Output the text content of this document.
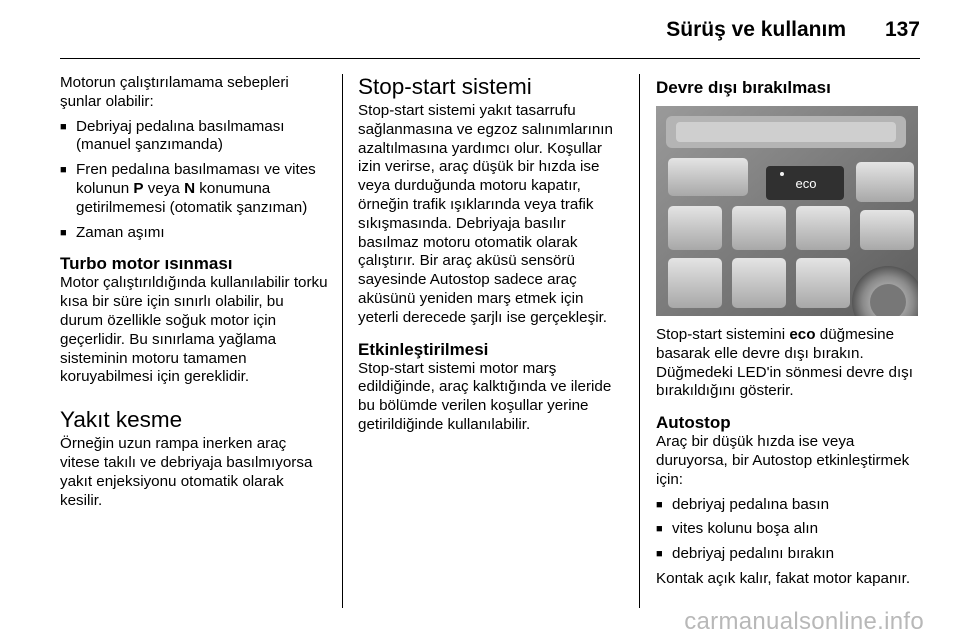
Sürüş ve kullanım 137

Motorun çalıştırılamama sebepleri şunlar olabilir:

■ Debriyaj pedalına basılmaması (manuel şanzımanda)
■ Fren pedalına basılmaması ve vites kolunun P veya N konumuna getirilmemesi (otomatik şanzıman)
■ Zaman aşımı
Turbo motor ısınması

Motor çalıştırıldığında kullanılabilir torku kısa bir süre için sınırlı olabilir, bu durum özellikle soğuk motor için geçerlidir. Bu sınırlama yağlama sisteminin motoru tamamen koruyabilmesi için gereklidir.

Yakıt kesme

Örneğin uzun rampa inerken araç vitese takılı ve debriyaja basılmıyorsa yakıt enjeksiyonu otomatik olarak kesilir.

Stop-start sistemi

Stop-start sistemi yakıt tasarrufu sağlanmasına ve egzoz salınımlarının azaltılmasına yardımcı olur. Koşullar izin verirse, araç düşük bir hızda ise veya durduğunda motoru kapatır, örneğin trafik ışıklarında veya trafik sıkışmasında. Debriyaja basılır basılmaz motoru otomatik olarak çalıştırır. Bir araç aküsü sensörü sayesinde Autostop sadece araç aküsünü yeniden marş etmek için yeterli derecede şarjlı ise gerçekleşir.

Etkinleştirilmesi

Stop-start sistemi motor marş edildiğinde, araç kalktığında ve ileride bu bölümde verilen koşullar yerine getirildiğinde kullanılabilir.

Devre dışı bırakılması
eco

Stop-start sistemini eco düğmesine basarak elle devre dışı bırakın. Düğmedeki LED'in sönmesi devre dışı bırakıldığını gösterir.

Autostop

Araç bir düşük hızda ise veya duruyorsa, bir Autostop etkinleştirmek için:

■ debriyaj pedalına basın
■ vites kolunu boşa alın
■ debriyaj pedalını bırakın

Kontak açık kalır, fakat motor kapanır.

carmanualsonline.info
